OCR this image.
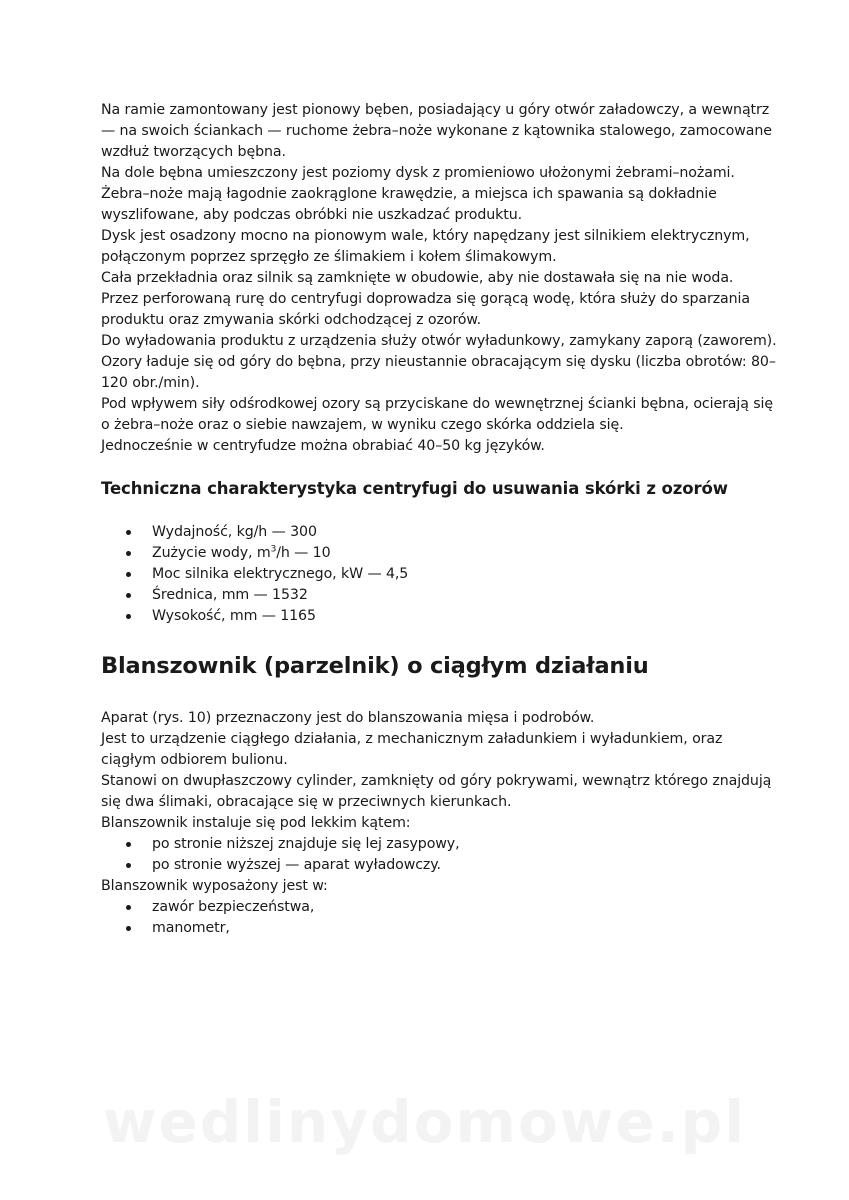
Na ramie zamontowany jest pionowy bęben, posiadający u góry otwór załadowczy, a wewnątrz — na swoich ściankach — ruchome żebra–noże wykonane z kątownika stalowego, zamocowane wzdłuż tworzących bębna.

Na dole bębna umieszczony jest poziomy dysk z promieniowo ułożonymi żebrami–nożami.

Żebra–noże mają łagodnie zaokrąglone krawędzie, a miejsca ich spawania są dokładnie wyszlifowane, aby podczas obróbki nie uszkadzać produktu.

Dysk jest osadzony mocno na pionowym wale, który napędzany jest silnikiem elektrycznym, połączonym poprzez sprzęgło ze ślimakiem i kołem ślimakowym.

Cała przekładnia oraz silnik są zamknięte w obudowie, aby nie dostawała się na nie woda.

Przez perforowaną rurę do centryfugi doprowadza się gorącą wodę, która służy do sparzania produktu oraz zmywania skórki odchodzącej z ozorów.

Do wyładowania produktu z urządzenia służy otwór wyładunkowy, zamykany zaporą (zaworem).

Ozory ładuje się od góry do bębna, przy nieustannie obracającym się dysku (liczba obrotów: 80–120 obr./min).

Pod wpływem siły odśrodkowej ozory są przyciskane do wewnętrznej ścianki bębna, ocierają się o żebra–noże oraz o siebie nawzajem, w wyniku czego skórka oddziela się.

Jednocześnie w centryfudze można obrabiać 40–50 kg języków.

Techniczna charakterystyka centryfugi do usuwania skórki z ozorów
Wydajność, kg/h — 300
Zużycie wody, $m^3/h$ — 10
Moc silnika elektrycznego, kW — 4,5
Średnica, mm — 1532
Wysokość, mm — 1165
Blanszownik (parzelnik) o ciągłym działaniu

Aparat (rys. 10) przeznaczony jest do blanszowania mięsa i podrobów.

Jest to urządzenie ciągłego działania, z mechanicznym załadunkiem i wyładunkiem, oraz ciągłym odbiorem bulionu.

Stanowi on dwupłaszczowy cylinder, zamknięty od góry pokrywami, wewnątrz którego znajdują się dwa ślimaki, obracające się w przeciwnych kierunkach.

Blanszownik instaluje się pod lekkim kątem:

po stronie niższej znajduje się lej zasypowy,
po stronie wyższej — aparat wyładowczy.

Blanszownik wyposażony jest w:

zawór bezpieczeństwa,
manometr,
wedlinydomowe.pl
